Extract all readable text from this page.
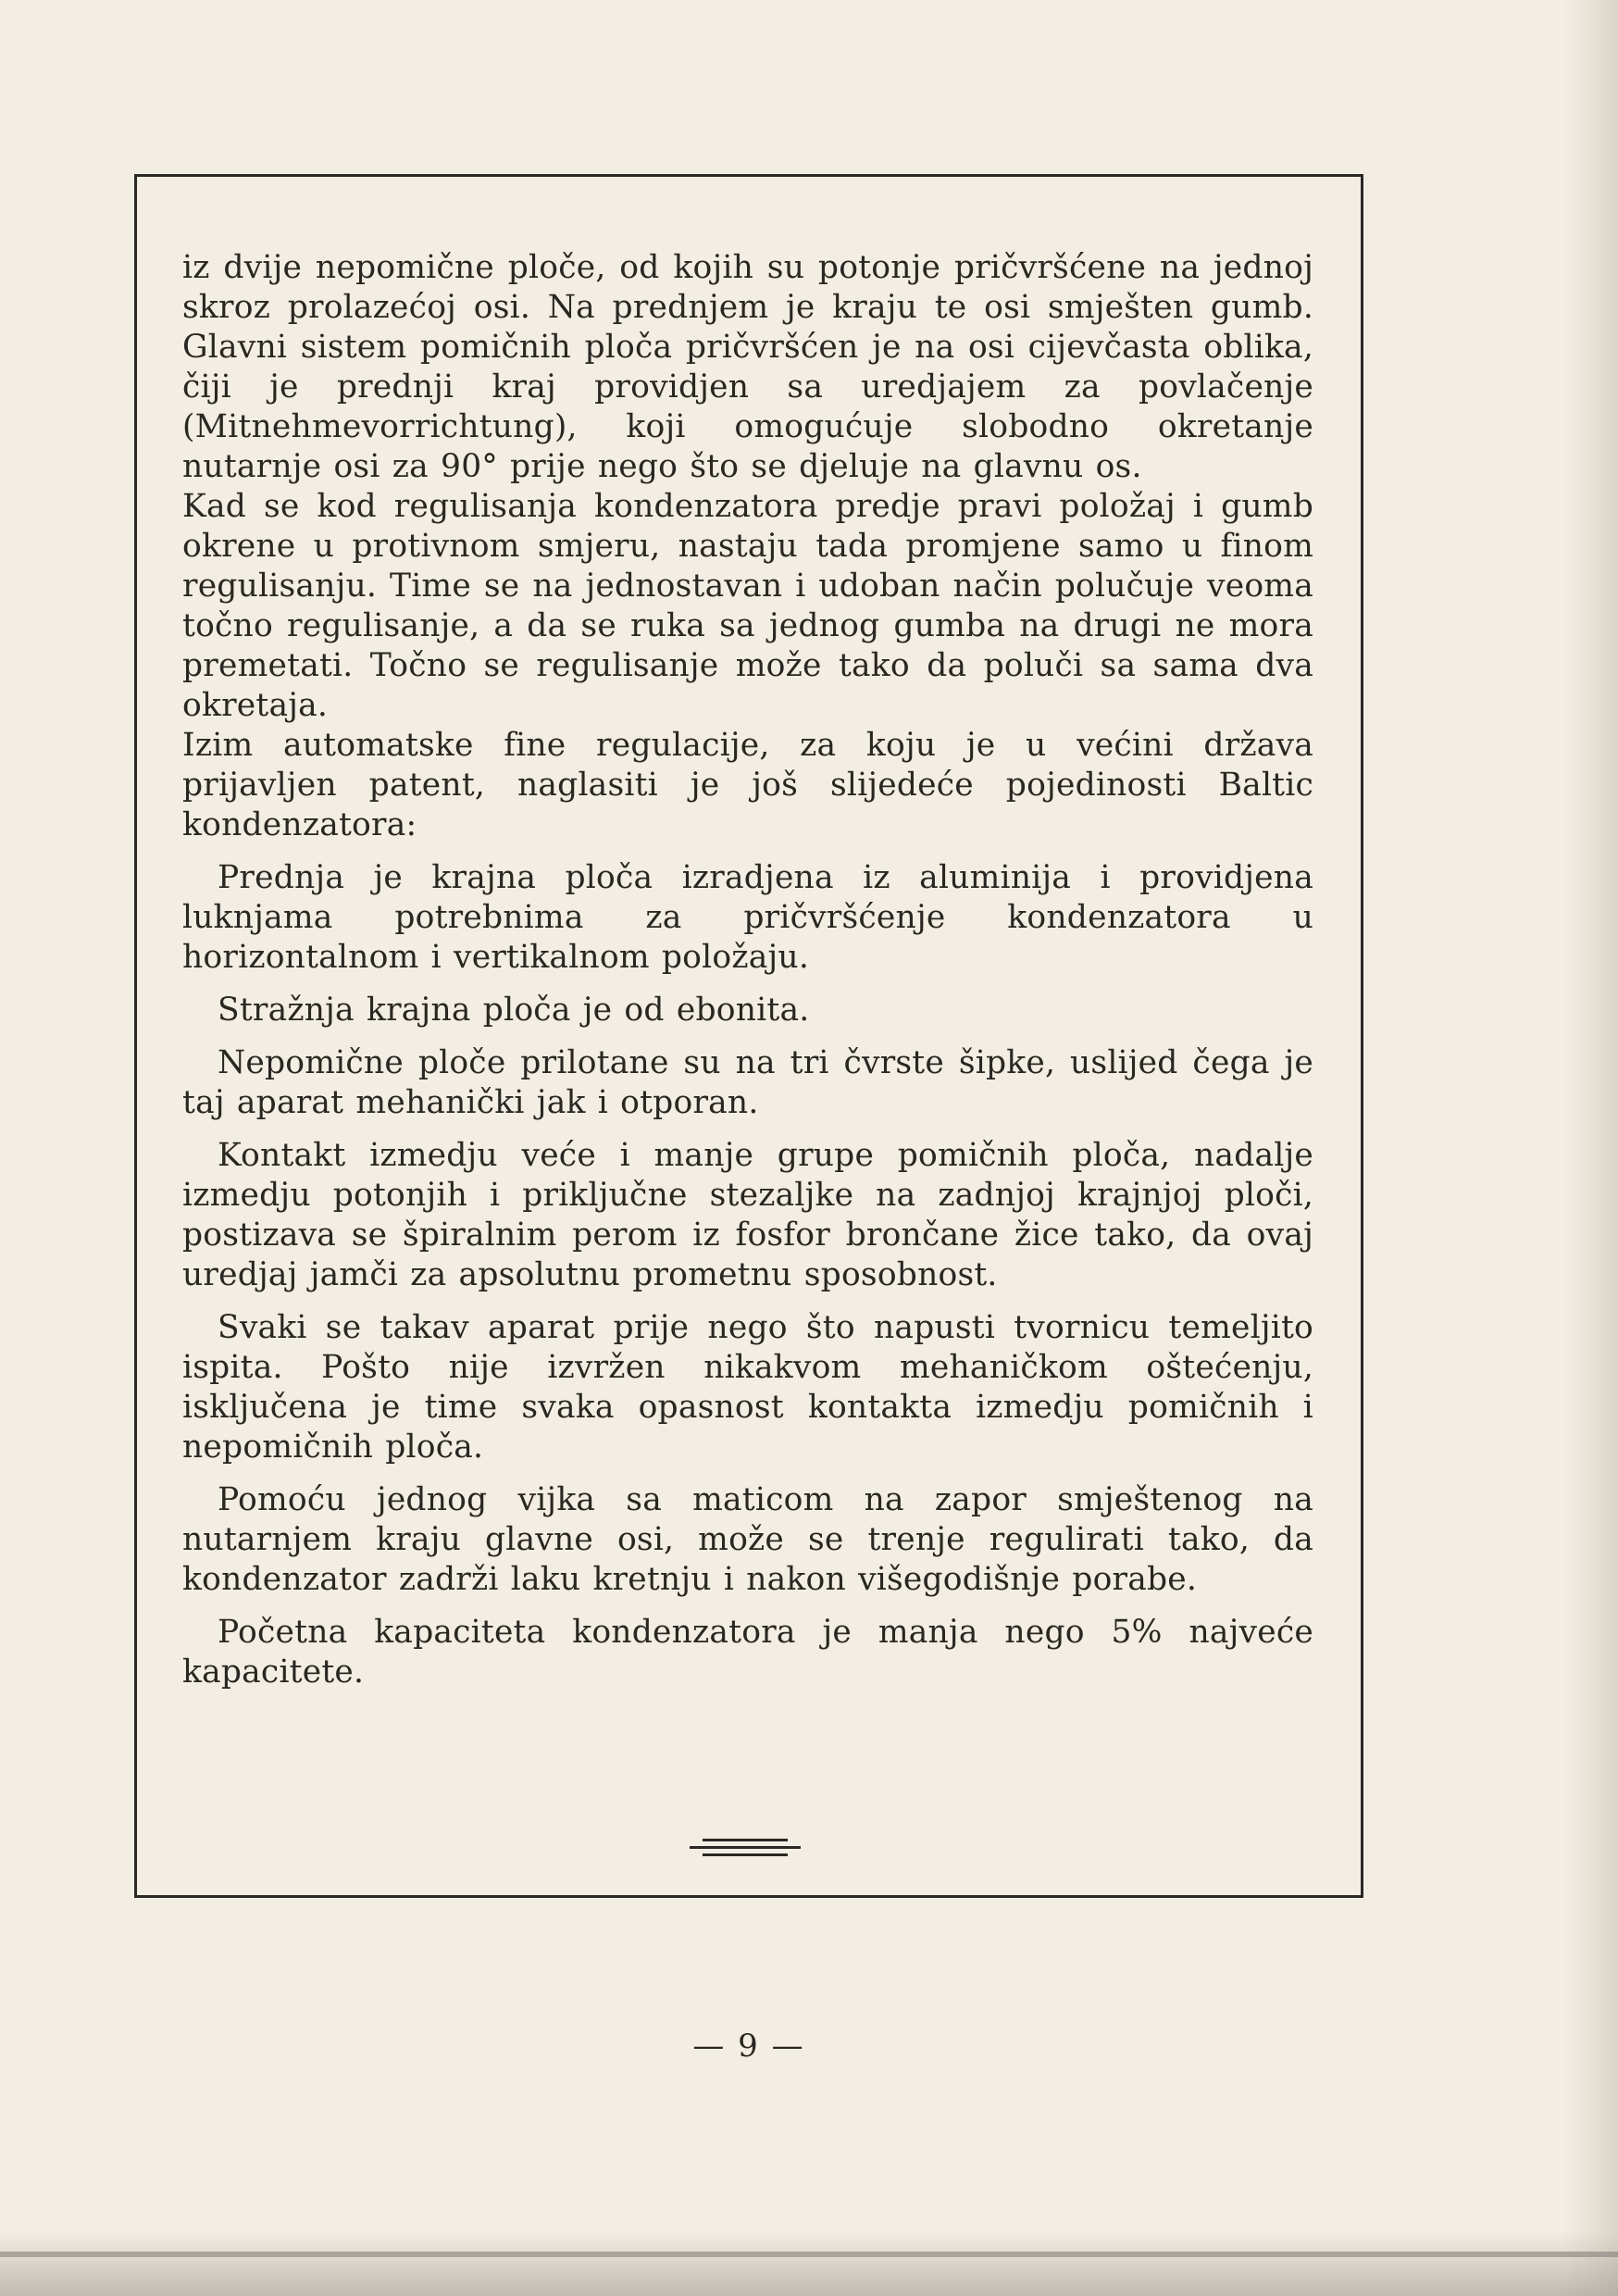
iz dvije nepomične ploče, od kojih su potonje pričvršćene na jednoj skroz prolazećoj osi. Na prednjem je kraju te osi smješten gumb. Glavni sistem pomičnih ploča pričvršćen je na osi cijevčasta oblika, čiji je prednji kraj providjen sa uredjajem za povlačenje (Mitnehmevorrichtung), koji omogućuje slobodno okretanje nutarnje osi za 90° prije nego što se djeluje na glavnu os.

Kad se kod regulisanja kondenzatora predje pravi položaj i gumb okrene u protivnom smjeru, nastaju tada promjene samo u finom regulisanju. Time se na jednostavan i udoban način polučuje veoma točno regulisanje, a da se ruka sa jednog gumba na drugi ne mora premetati. Točno se regulisanje može tako da poluči sa sama dva okretaja.

Izim automatske fine regulacije, za koju je u većini država prijavljen patent, naglasiti je još slijedeće pojedinosti Baltic kondenzatora:

Prednja je krajna ploča izradjena iz aluminija i providjena luknjama potrebnima za pričvršćenje kondenzatora u horizontalnom i vertikalnom položaju.

Stražnja krajna ploča je od ebonita.

Nepomične ploče prilotane su na tri čvrste šipke, uslijed čega je taj aparat mehanički jak i otporan.

Kontakt izmedju veće i manje grupe pomičnih ploča, nadalje izmedju potonjih i priključne stezaljke na zadnjoj krajnjoj ploči, postizava se špiralnim perom iz fosfor brončane žice tako, da ovaj uredjaj jamči za apsolutnu prometnu sposobnost.

Svaki se takav aparat prije nego što napusti tvornicu temeljito ispita. Pošto nije izvržen nikakvom mehaničkom oštećenju, isključena je time svaka opasnost kontakta izmedju pomičnih i nepomičnih ploča.

Pomoću jednog vijka sa maticom na zapor smještenog na nutarnjem kraju glavne osi, može se trenje regulirati tako, da kondenzator zadrži laku kretnju i nakon višegodišnje porabe.

Početna kapaciteta kondenzatora je manja nego 5% najveće kapacitete.

— 9 —
